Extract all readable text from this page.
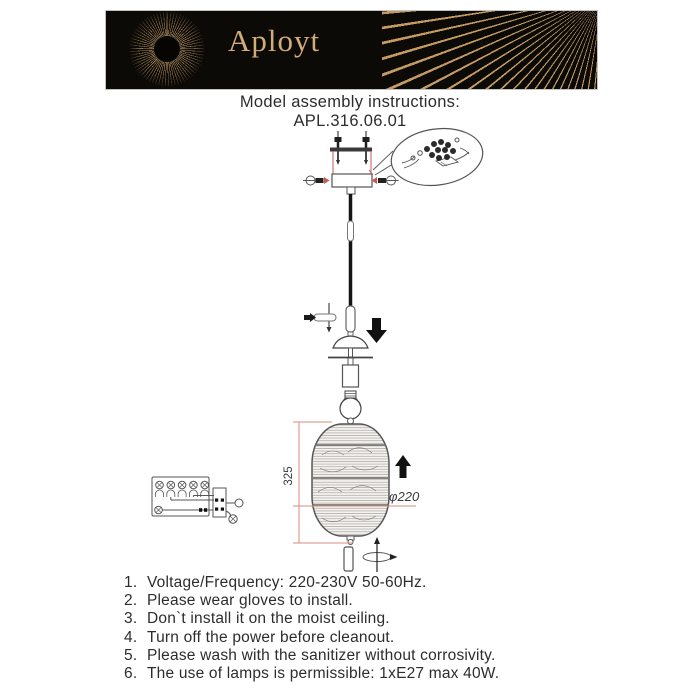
Aployt
Model assembly instructions:
APL.316.06.01
325
φ220
1. Voltage/Frequency: 220-230V 50-60Hz.
2. Please wear gloves to install.
3. Don`t install it on the moist ceiling.
4. Turn off the power before cleanout.
5. Please wash with the sanitizer without corrosivity.
6. The use of lamps is permissible: 1xE27 max 40W.
